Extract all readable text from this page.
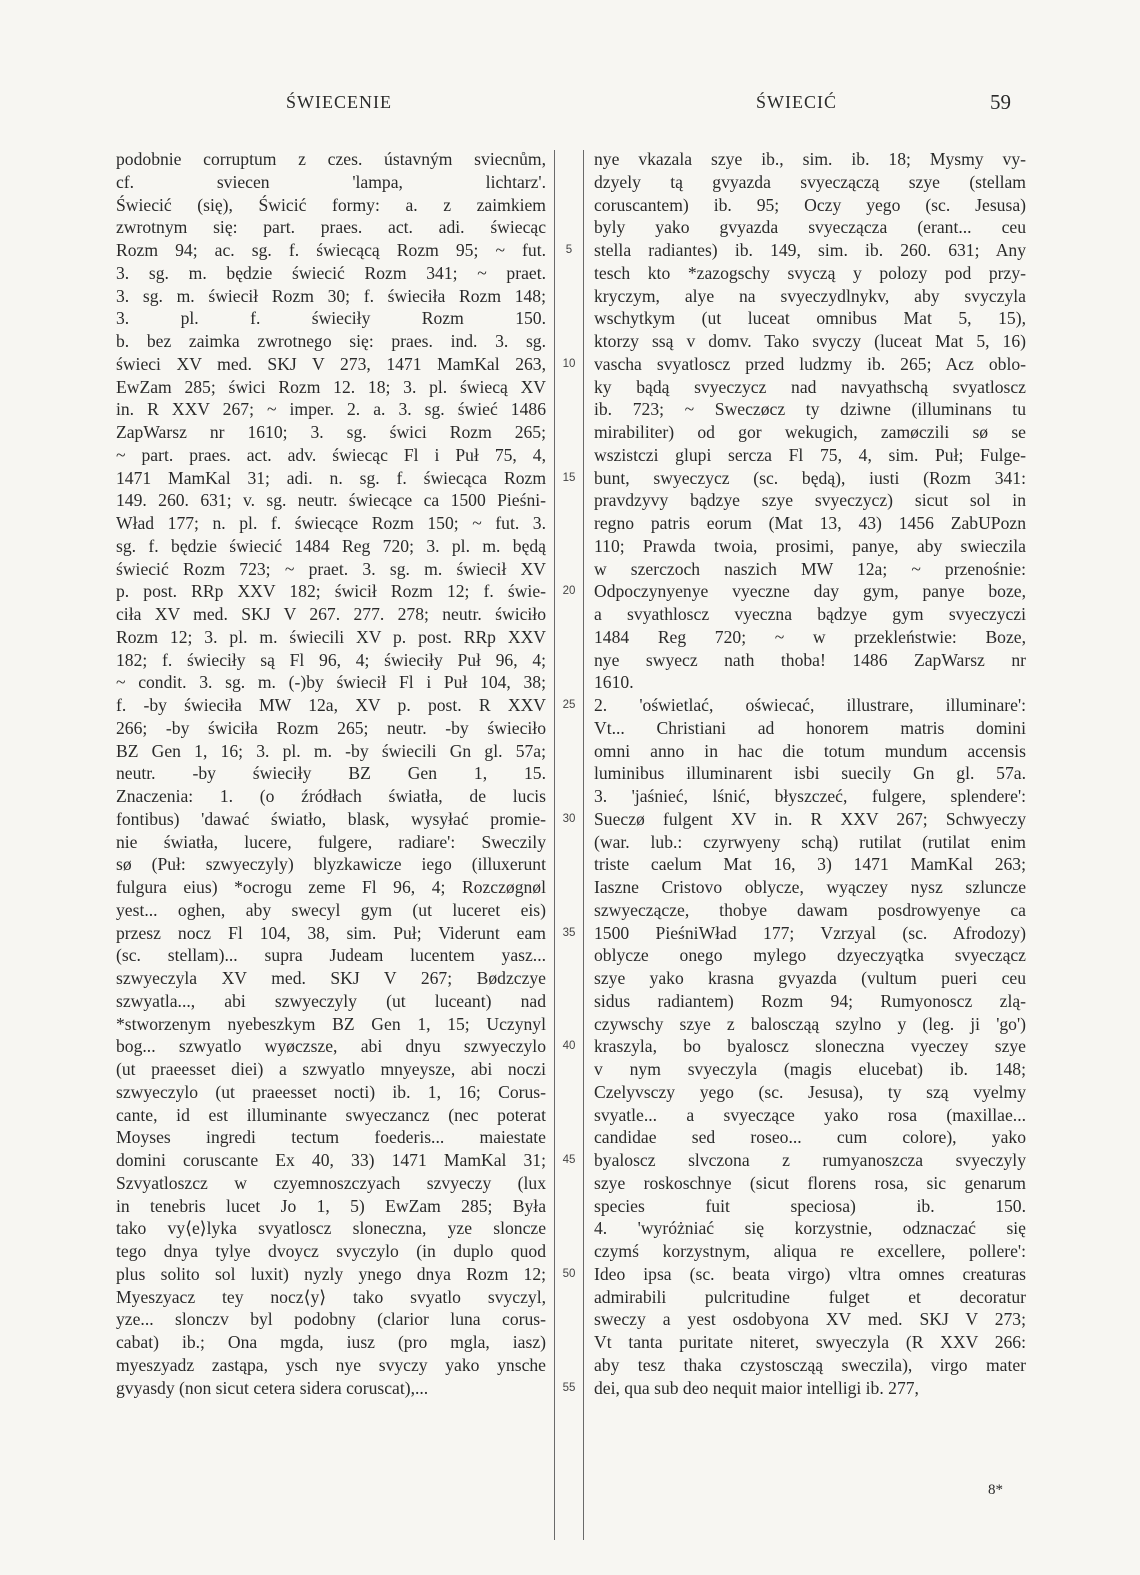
ŚWIECENIE	ŚWIECIĆ	59
podobnie corruptum z czes. ústavným sviecnům,
cf. sviecen 'lampa, lichtarz'.
Świecić (się), Świcić formy: a. z zaimkiem
zwrotnym się: part. praes. act. adi. świecąc
Rozm 94; ac. sg. f. świecącą Rozm 95; ~ fut.
3. sg. m. będzie świecić Rozm 341; ~ praet.
3. sg. m. świecił Rozm 30; f. świeciła Rozm 148;
3. pl. f. świeciły Rozm 150.
b. bez zaimka zwrotnego się: praes. ind. 3. sg.
świeci XV med. SKJ V 273, 1471 MamKal 263,
EwZam 285; świci Rozm 12. 18; 3. pl. świecą XV
in. R XXV 267; ~ imper. 2. a. 3. sg. świeć 1486
ZapWarsz nr 1610; 3. sg. świci Rozm 265;
~ part. praes. act. adv. świecąc Fl i Puł 75, 4,
1471 MamKal 31; adi. n. sg. f. świecąca Rozm
149. 260. 631; v. sg. neutr. świecące ca 1500 Pieśni-
Wład 177; n. pl. f. świecące Rozm 150; ~ fut. 3.
sg. f. będzie świecić 1484 Reg 720; 3. pl. m. będą
świecić Rozm 723; ~ praet. 3. sg. m. świecił XV
p. post. RRp XXV 182; świcił Rozm 12; f. świe-
ciła XV med. SKJ V 267. 277. 278; neutr. świciło
Rozm 12; 3. pl. m. świecili XV p. post. RRp XXV
182; f. świeciły są Fl 96, 4; świeciły Puł 96, 4;
~ condit. 3. sg. m. (-)by świecił Fl i Puł 104, 38;
f. -by świeciła MW 12a, XV p. post. R XXV
266; -by świciła Rozm 265; neutr. -by świeciło
BZ Gen 1, 16; 3. pl. m. -by świecili Gn gl. 57a;
neutr. -by świeciły BZ Gen 1, 15.
Znaczenia: 1. (o źródłach światła, de lucis
fontibus) 'dawać światło, blask, wysyłać promie-
nie światła, lucere, fulgere, radiare': Sweczily
sø (Puł: szwyeczyly) blyzkawicze iego (illuxerunt
fulgura eius) *ocrogu zeme Fl 96, 4; Rozczøgnøl
yest... oghen, aby swecyl gym (ut luceret eis)
przesz nocz Fl 104, 38, sim. Puł; Viderunt eam
(sc. stellam)... supra Judeam lucentem yasz...
szwyeczyla XV med. SKJ V 267; Bødzczye
szwyatla..., abi szwyeczyly (ut luceant) nad
*stworzenym nyebeszkym BZ Gen 1, 15; Uczynyl
bog... szwyatlo wyøczsze, abi dnyu szwyeczylo
(ut praeesset diei) a szwyatlo mnyeysze, abi noczi
szwyeczylo (ut praeesset nocti) ib. 1, 16; Corus-
cante, id est illuminante swyeczancz (nec poterat
Moyses ingredi tectum foederis... maiestate
domini coruscante Ex 40, 33) 1471 MamKal 31;
Szvyatloszcz w czyemnoszczyach szvyeczy (lux
in tenebris lucet Jo 1, 5) EwZam 285; Była
tako vy⟨e⟩lyka svyatloscz sloneczna, yze sloncze
tego dnya tylye dvoycz svyczylo (in duplo quod
plus solito sol luxit) nyzly ynego dnya Rozm 12;
Myeszyacz tey nocz⟨y⟩ tako svyatlo svyczyl,
yze... slonczv byl podobny (clarior luna corus-
cabat) ib.; Ona mgda, iusz (pro mgla, iasz)
myeszyadz zastąpa, ysch nye svyczy yako ynsche
gvyasdy (non sicut cetera sidera coruscat),...
5
10
15
20
25
30
35
40
45
50
55
nye vkazala szye ib., sim. ib. 18; Mysmy vy-
dzyely tą gvyazda svyeczączą szye (stellam
coruscantem) ib. 95; Oczy yego (sc. Jesusa)
byly yako gvyazda svyeczącza (erant... ceu
stella radiantes) ib. 149, sim. ib. 260. 631; Any
tesch kto *zazogschy svyczą y polozy pod przy-
kryczym, alye na svyeczydlnykv, aby svyczyla
wschytkym (ut luceat omnibus Mat 5, 15),
ktorzy ssą v domv. Tako svyczy (luceat Mat 5, 16)
vascha svyatloscz przed ludzmy ib. 265; Acz oblo-
ky bądą svyeczycz nad navyathschą svyatloscz
ib. 723; ~ Sweczøcz ty dziwne (illuminans tu
mirabiliter) od gor wekugich, zamøczili sø se
wszistczi glupi sercza Fl 75, 4, sim. Puł; Fulge-
bunt, swyeczycz (sc. będą), iusti (Rozm 341:
pravdzyvy bądzye szye svyeczycz) sicut sol in
regno patris eorum (Mat 13, 43) 1456 ZabUPozn
110; Prawda twoia, prosimi, panye, aby swieczila
w szerczoch naszich MW 12a; ~ przenośnie:
Odpoczynyenye vyeczne day gym, panye boze,
a svyathloscz vyeczna bądzye gym svyeczyczi
1484 Reg 720; ~ w przekleństwie: Boze,
nye swyecz nath thoba! 1486 ZapWarsz nr
1610.
2. 'oświetlać, oświecać, illustrare, illuminare':
Vt... Christiani ad honorem matris domini
omni anno in hac die totum mundum accensis
luminibus illuminarent isbi suecily Gn gl. 57a.
3. 'jaśnieć, lśnić, błyszczeć, fulgere, splendere':
Sueczø fulgent XV in. R XXV 267; Schwyeczy
(war. lub.: czyrwyeny schą) rutilat (rutilat enim
triste caelum Mat 16, 3) 1471 MamKal 263;
Iaszne Cristovo oblycze, wyączey nysz szluncze
szwyeczączе, thobye dawam posdrowyenye ca
1500 PieśniWład 177; Vzrzyal (sc. Afrodozy)
oblycze onego mylego dzyeczyątka svyeczącz
szye yako krasna gvyazda (vultum pueri ceu
sidus radiantem) Rozm 94; Rumyonoscz zlą-
czywschy szye z baloscząą szylno y (leg. ji 'go')
kraszyla, bo byalosсz sloneczna vyeczey szye
v nym svyeczyla (magis elucebat) ib. 148;
Czelyvsczy yego (sc. Jesusa), ty szą vyelmy
svyatle... a svyeczące yako rosa (maxillae...
candidae sed roseo... cum colore), yako
byalosсz slvczona z rumyanoszcza svyeczyly
szye roskoschnye (sicut florens rosa, sic genarum
species fuit speciosa) ib. 150.
4. 'wyróżniać się korzystnie, odznaczać się
czymś korzystnym, aliqua re excellere, pollere':
Ideo ipsa (sc. beata virgo) vltra omnes creaturas
admirabili pulcritudine fulget et decoratur
sweczy a yest osdobyona XV med. SKJ V 273;
Vt tanta puritate niteret, swyeczyla (R XXV 266:
aby tesz thaka czystoscząą sweczila), virgo mater
dei, qua sub deo nequit maior intelligi ib. 277,
8*
